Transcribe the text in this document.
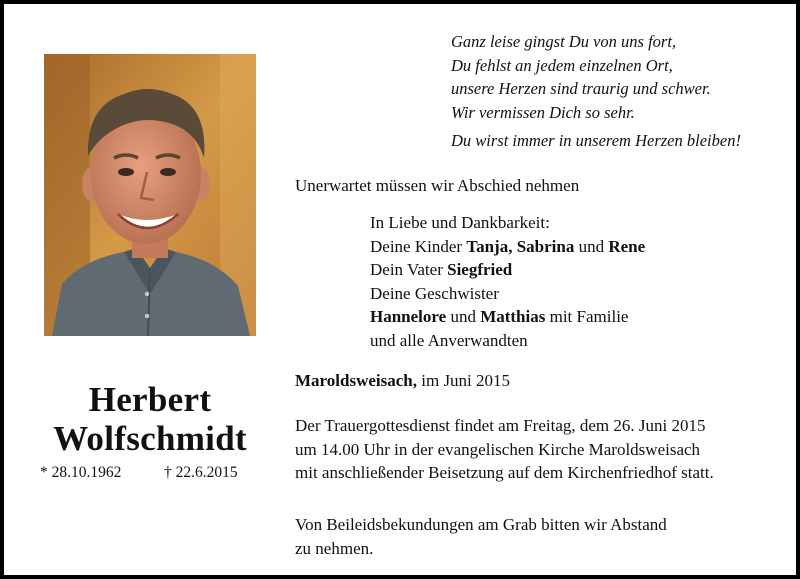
Herbert
Wolfschmidt
* 28.10.1962	† 22.6.2015
Ganz leise gingst Du von uns fort,
Du fehlst an jedem einzelnen Ort,
unsere Herzen sind traurig und schwer.
Wir vermissen Dich so sehr.
Du wirst immer in unserem Herzen bleiben!
Unerwartet müssen wir Abschied nehmen
In Liebe und Dankbarkeit:
Deine Kinder Tanja, Sabrina und Rene
Dein Vater Siegfried
Deine Geschwister
Hannelore und Matthias mit Familie
und alle Anverwandten
Maroldsweisach, im Juni 2015
Der Trauergottesdienst findet am Freitag, dem 26. Juni 2015
um 14.00 Uhr in der evangelischen Kirche Maroldsweisach
mit anschließender Beisetzung auf dem Kirchenfriedhof statt.
Von Beileidsbekundungen am Grab bitten wir Abstand
zu nehmen.
